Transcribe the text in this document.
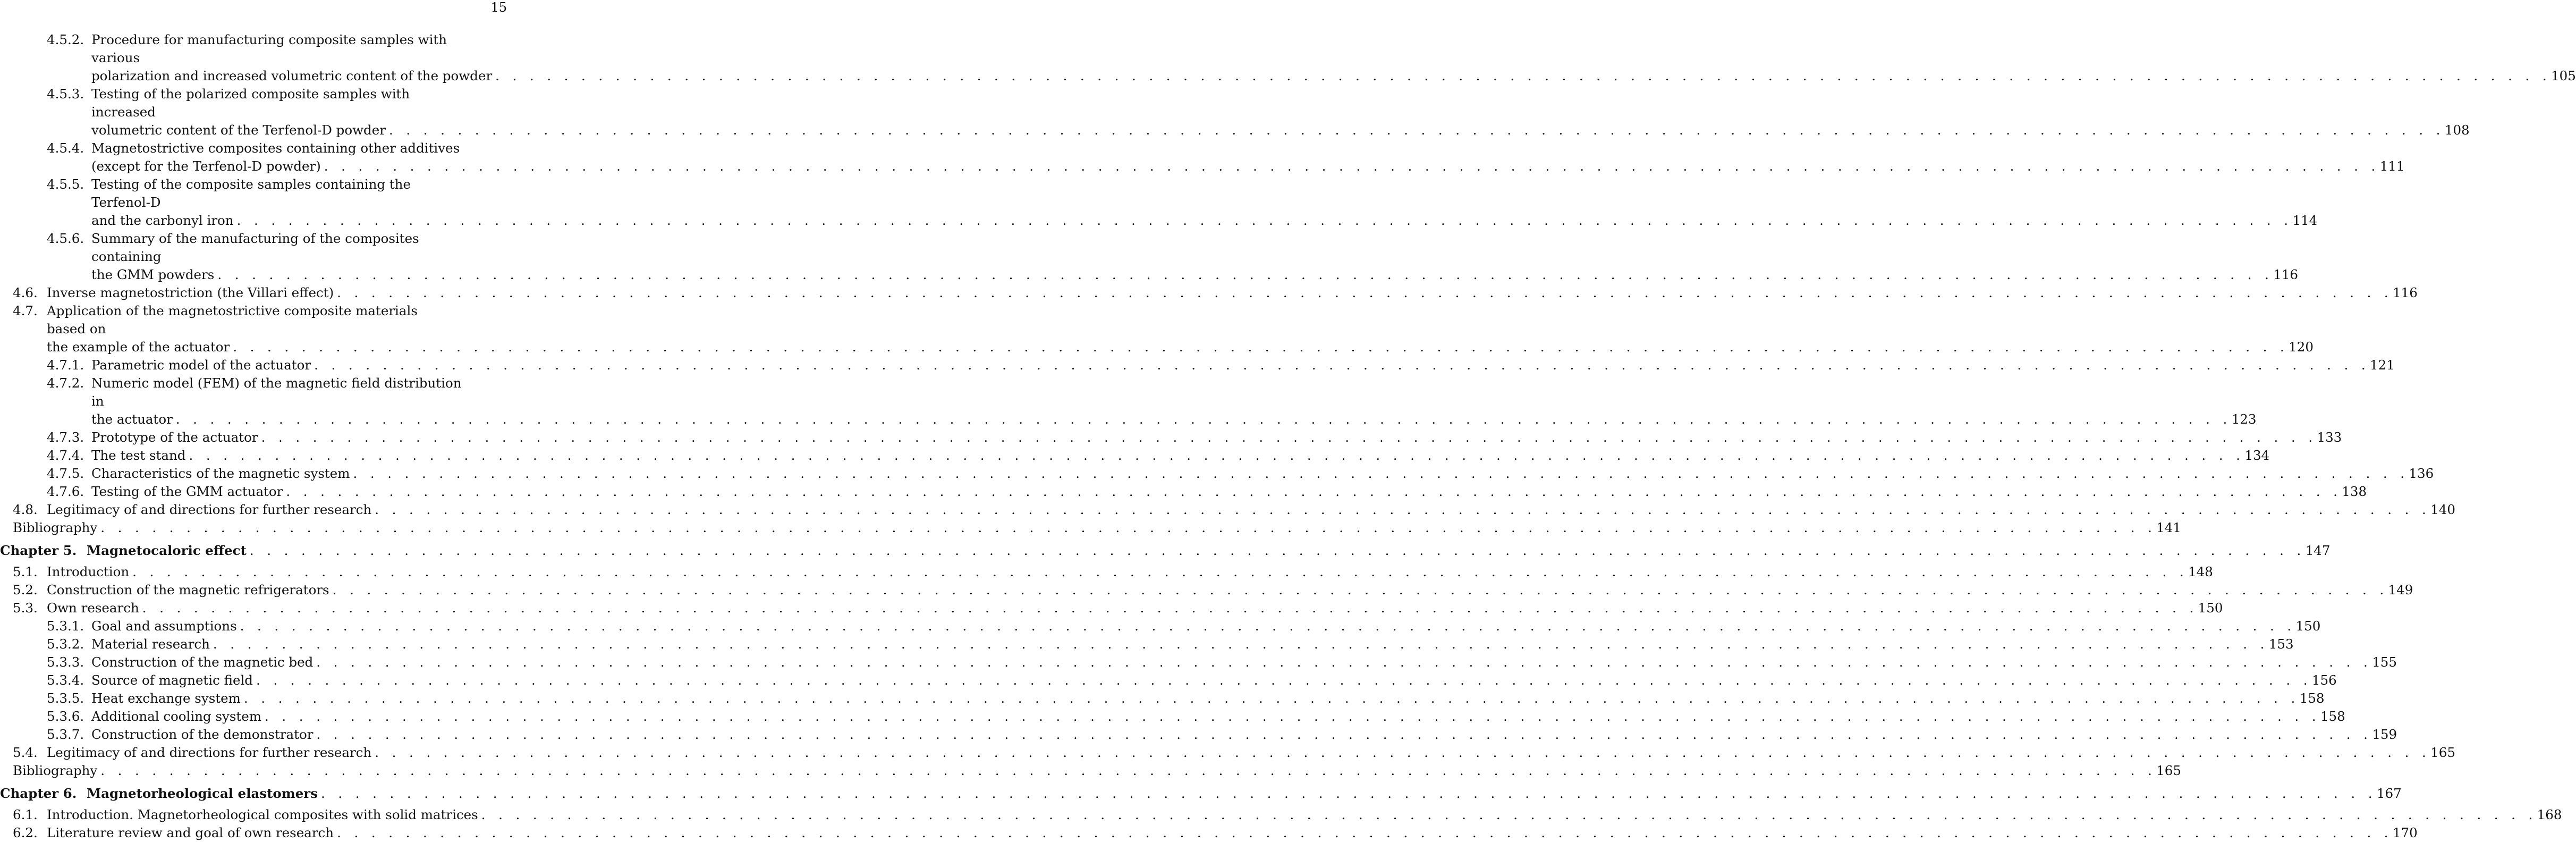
15
4.5.2. Procedure for manufacturing composite samples with various
polarization and increased volumetric content of the powder . . . . . . . . . . . . . . . . . . . . . . . . . . . . . . . . . . . . . . . . . . . . . . . . . . . . . . . . . . . . . . . . . . . . . . . . . . . . . . . . . . . . . . . . . . . . . . . . . . . . . . . . . . . . . . . . . . . . . . . . 105
4.5.3. Testing of the polarized composite samples with increased
volumetric content of the Terfenol-D powder . . . . . . . . . . . . . . . . . . . . . . . . . . . . . . . . . . . . . . . . . . . . . . . . . . . . . . . . . . . . . . . . . . . . . . . . . . . . . . . . . . . . . . . . . . . . . . . . . . . . . . . . . . . . . . . . . . . . . . . . 108
4.5.4. Magnetostrictive composites containing other additives
(except for the Terfenol-D powder) . . . . . . . . . . . . . . . . . . . . . . . . . . . . . . . . . . . . . . . . . . . . . . . . . . . . . . . . . . . . . . . . . . . . . . . . . . . . . . . . . . . . . . . . . . . . . . . . . . . . . . . . . . . . . . . . . . . . . . . . 111
4.5.5. Testing of the composite samples containing the Terfenol-D
and the carbonyl iron . . . . . . . . . . . . . . . . . . . . . . . . . . . . . . . . . . . . . . . . . . . . . . . . . . . . . . . . . . . . . . . . . . . . . . . . . . . . . . . . . . . . . . . . . . . . . . . . . . . . . . . . . . . . . . . . . . . . . . . . 114
4.5.6. Summary of the manufacturing of the composites containing
the GMM powders . . . . . . . . . . . . . . . . . . . . . . . . . . . . . . . . . . . . . . . . . . . . . . . . . . . . . . . . . . . . . . . . . . . . . . . . . . . . . . . . . . . . . . . . . . . . . . . . . . . . . . . . . . . . . . . . . . . . . . . . 116
4.6. Inverse magnetostriction (the Villari effect) . . . . . . . . . . . . . . . . . . . . . . . . . . . . . . . . . . . . . . . . . . . . . . . . . . . . . . . . . . . . . . . . . . . . . . . . . . . . . . . . . . . . . . . . . . . . . . . . . . . . . . . . . . . . . . . . . . . . . . . . 116
4.7. Application of the magnetostrictive composite materials based on
the example of the actuator . . . . . . . . . . . . . . . . . . . . . . . . . . . . . . . . . . . . . . . . . . . . . . . . . . . . . . . . . . . . . . . . . . . . . . . . . . . . . . . . . . . . . . . . . . . . . . . . . . . . . . . . . . . . . . . . . . . . . . . . 120
4.7.1. Parametric model of the actuator . . . . . . . . . . . . . . . . . . . . . . . . . . . . . . . . . . . . . . . . . . . . . . . . . . . . . . . . . . . . . . . . . . . . . . . . . . . . . . . . . . . . . . . . . . . . . . . . . . . . . . . . . . . . . . . . . . . . . . . . 121
4.7.2. Numeric model (FEM) of the magnetic field distribution in
the actuator . . . . . . . . . . . . . . . . . . . . . . . . . . . . . . . . . . . . . . . . . . . . . . . . . . . . . . . . . . . . . . . . . . . . . . . . . . . . . . . . . . . . . . . . . . . . . . . . . . . . . . . . . . . . . . . . . . . . . . . . 123
4.7.3. Prototype of the actuator . . . . . . . . . . . . . . . . . . . . . . . . . . . . . . . . . . . . . . . . . . . . . . . . . . . . . . . . . . . . . . . . . . . . . . . . . . . . . . . . . . . . . . . . . . . . . . . . . . . . . . . . . . . . . . . . . . . . . . . . 133
4.7.4. The test stand . . . . . . . . . . . . . . . . . . . . . . . . . . . . . . . . . . . . . . . . . . . . . . . . . . . . . . . . . . . . . . . . . . . . . . . . . . . . . . . . . . . . . . . . . . . . . . . . . . . . . . . . . . . . . . . . . . . . . . . . 134
4.7.5. Characteristics of the magnetic system . . . . . . . . . . . . . . . . . . . . . . . . . . . . . . . . . . . . . . . . . . . . . . . . . . . . . . . . . . . . . . . . . . . . . . . . . . . . . . . . . . . . . . . . . . . . . . . . . . . . . . . . . . . . . . . . . . . . . . . . 136
4.7.6. Testing of the GMM actuator . . . . . . . . . . . . . . . . . . . . . . . . . . . . . . . . . . . . . . . . . . . . . . . . . . . . . . . . . . . . . . . . . . . . . . . . . . . . . . . . . . . . . . . . . . . . . . . . . . . . . . . . . . . . . . . . . . . . . . . . 138
4.8. Legitimacy of and directions for further research . . . . . . . . . . . . . . . . . . . . . . . . . . . . . . . . . . . . . . . . . . . . . . . . . . . . . . . . . . . . . . . . . . . . . . . . . . . . . . . . . . . . . . . . . . . . . . . . . . . . . . . . . . . . . . . . . . . . . . . . 140
Bibliography . . . . . . . . . . . . . . . . . . . . . . . . . . . . . . . . . . . . . . . . . . . . . . . . . . . . . . . . . . . . . . . . . . . . . . . . . . . . . . . . . . . . . . . . . . . . . . . . . . . . . . . . . . . . . . . . . . . . . . . . 141
Chapter 5. Magnetocaloric effect . . . . . . . . . . . . . . . . . . . . . . . . . . . . . . . . . . . . . . . . . . . . . . . . . . . . . . . . . . . . . . . . . . . . . . . . . . . . . . . . . . . . . . . . . . . . . . . . . . . . . . . . . . . . . . . . . . . . . . . . 147
5.1. Introduction . . . . . . . . . . . . . . . . . . . . . . . . . . . . . . . . . . . . . . . . . . . . . . . . . . . . . . . . . . . . . . . . . . . . . . . . . . . . . . . . . . . . . . . . . . . . . . . . . . . . . . . . . . . . . . . . . . . . . . . . 148
5.2. Construction of the magnetic refrigerators . . . . . . . . . . . . . . . . . . . . . . . . . . . . . . . . . . . . . . . . . . . . . . . . . . . . . . . . . . . . . . . . . . . . . . . . . . . . . . . . . . . . . . . . . . . . . . . . . . . . . . . . . . . . . . . . . . . . . . . . 149
5.3. Own research . . . . . . . . . . . . . . . . . . . . . . . . . . . . . . . . . . . . . . . . . . . . . . . . . . . . . . . . . . . . . . . . . . . . . . . . . . . . . . . . . . . . . . . . . . . . . . . . . . . . . . . . . . . . . . . . . . . . . . . . 150
5.3.1. Goal and assumptions . . . . . . . . . . . . . . . . . . . . . . . . . . . . . . . . . . . . . . . . . . . . . . . . . . . . . . . . . . . . . . . . . . . . . . . . . . . . . . . . . . . . . . . . . . . . . . . . . . . . . . . . . . . . . . . . . . . . . . . . 150
5.3.2. Material research . . . . . . . . . . . . . . . . . . . . . . . . . . . . . . . . . . . . . . . . . . . . . . . . . . . . . . . . . . . . . . . . . . . . . . . . . . . . . . . . . . . . . . . . . . . . . . . . . . . . . . . . . . . . . . . . . . . . . . . . 153
5.3.3. Construction of the magnetic bed . . . . . . . . . . . . . . . . . . . . . . . . . . . . . . . . . . . . . . . . . . . . . . . . . . . . . . . . . . . . . . . . . . . . . . . . . . . . . . . . . . . . . . . . . . . . . . . . . . . . . . . . . . . . . . . . . . . . . . . . 155
5.3.4. Source of magnetic field . . . . . . . . . . . . . . . . . . . . . . . . . . . . . . . . . . . . . . . . . . . . . . . . . . . . . . . . . . . . . . . . . . . . . . . . . . . . . . . . . . . . . . . . . . . . . . . . . . . . . . . . . . . . . . . . . . . . . . . . 156
5.3.5. Heat exchange system . . . . . . . . . . . . . . . . . . . . . . . . . . . . . . . . . . . . . . . . . . . . . . . . . . . . . . . . . . . . . . . . . . . . . . . . . . . . . . . . . . . . . . . . . . . . . . . . . . . . . . . . . . . . . . . . . . . . . . . . 158
5.3.6. Additional cooling system . . . . . . . . . . . . . . . . . . . . . . . . . . . . . . . . . . . . . . . . . . . . . . . . . . . . . . . . . . . . . . . . . . . . . . . . . . . . . . . . . . . . . . . . . . . . . . . . . . . . . . . . . . . . . . . . . . . . . . . . 158
5.3.7. Construction of the demonstrator . . . . . . . . . . . . . . . . . . . . . . . . . . . . . . . . . . . . . . . . . . . . . . . . . . . . . . . . . . . . . . . . . . . . . . . . . . . . . . . . . . . . . . . . . . . . . . . . . . . . . . . . . . . . . . . . . . . . . . . . 159
5.4. Legitimacy of and directions for further research . . . . . . . . . . . . . . . . . . . . . . . . . . . . . . . . . . . . . . . . . . . . . . . . . . . . . . . . . . . . . . . . . . . . . . . . . . . . . . . . . . . . . . . . . . . . . . . . . . . . . . . . . . . . . . . . . . . . . . . . 165
Bibliography . . . . . . . . . . . . . . . . . . . . . . . . . . . . . . . . . . . . . . . . . . . . . . . . . . . . . . . . . . . . . . . . . . . . . . . . . . . . . . . . . . . . . . . . . . . . . . . . . . . . . . . . . . . . . . . . . . . . . . . . 165
Chapter 6. Magnetorheological elastomers . . . . . . . . . . . . . . . . . . . . . . . . . . . . . . . . . . . . . . . . . . . . . . . . . . . . . . . . . . . . . . . . . . . . . . . . . . . . . . . . . . . . . . . . . . . . . . . . . . . . . . . . . . . . . . . . . . . . . . . . 167
6.1. Introduction. Magnetorheological composites with solid matrices . . . . . . . . . . . . . . . . . . . . . . . . . . . . . . . . . . . . . . . . . . . . . . . . . . . . . . . . . . . . . . . . . . . . . . . . . . . . . . . . . . . . . . . . . . . . . . . . . . . . . . . . . . . . . . . . . . . . . . . . 168
6.2. Literature review and goal of own research . . . . . . . . . . . . . . . . . . . . . . . . . . . . . . . . . . . . . . . . . . . . . . . . . . . . . . . . . . . . . . . . . . . . . . . . . . . . . . . . . . . . . . . . . . . . . . . . . . . . . . . . . . . . . . . . . . . . . . . . 170
